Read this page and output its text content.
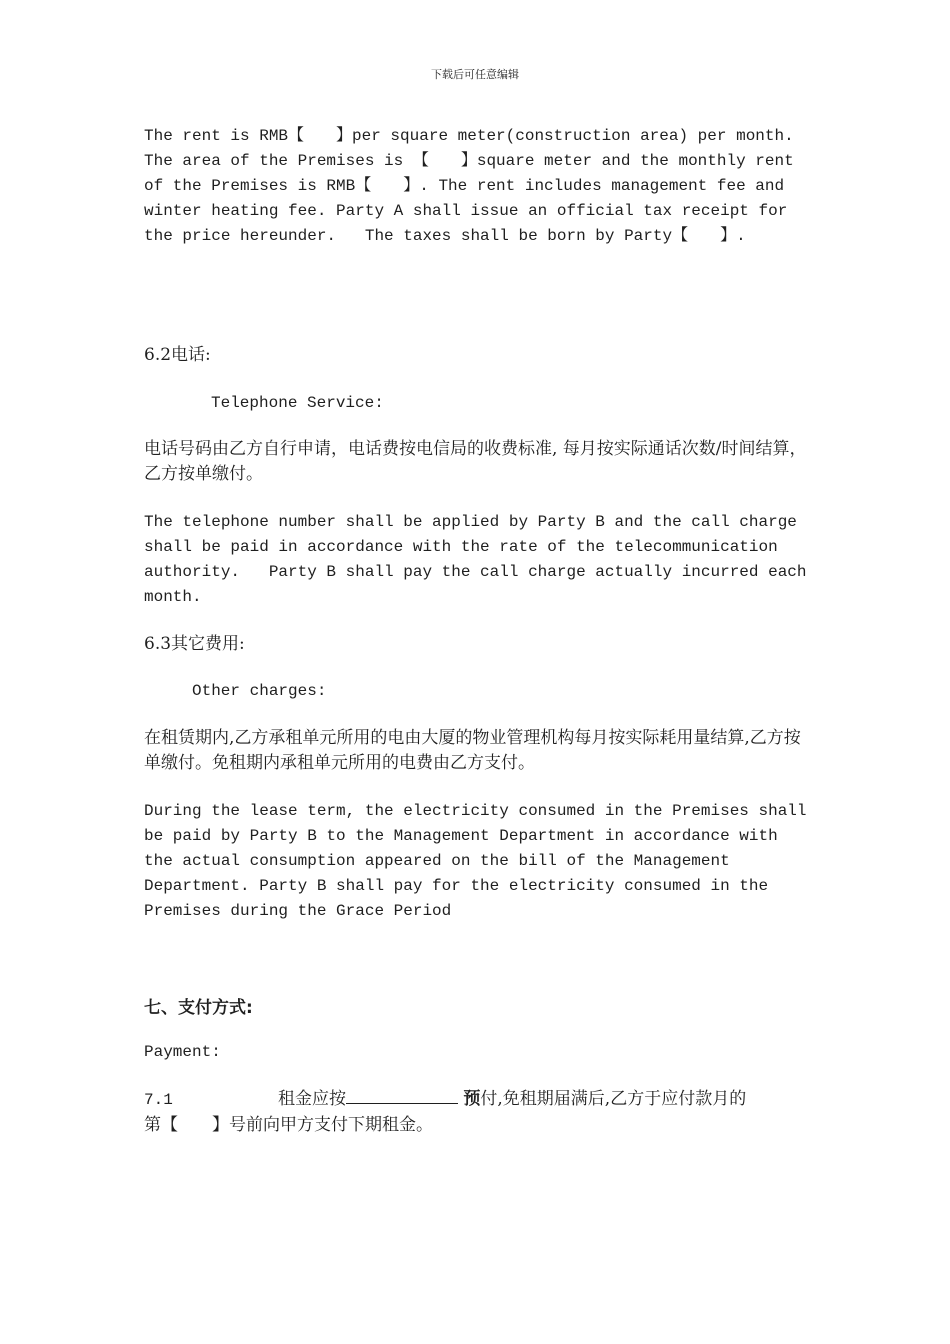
下载后可任意编辑

The rent is RMB【　　】per square meter(construction area) per month. The area of the Premises is 【　　】square meter and the monthly rent of the Premises is RMB【　　】. The rent includes management fee and winter heating fee. Party A shall issue an official tax receipt for the price hereunder.   The taxes shall be born by Party【　　】.

6.2电话:

Telephone Service:

电话号码由乙方自行申请，电话费按电信局的收费标准, 每月按实际通话次数/时间结算，乙方按单缴付。

The telephone number shall be applied by Party B and the call charge shall be paid in accordance with the rate of the telecommunication authority.   Party B shall pay the call charge actually incurred each month.

6.3其它费用:

Other charges:

在租赁期内,乙方承租单元所用的电由大厦的物业管理机构每月按实际耗用量结算,乙方按单缴付。免租期内承租单元所用的电费由乙方支付。

During the lease term, the electricity consumed in the Premises shall be paid by Party B to the Management Department in accordance with the actual consumption appeared on the bill of the Management Department. Party B shall pay for the electricity consumed in the Premises during the Grace Period

七、支付方式:

Payment:

7.1	租金应按	预付,免租期届满后,乙方于应付款月的

第【　　】号前向甲方支付下期租金。
